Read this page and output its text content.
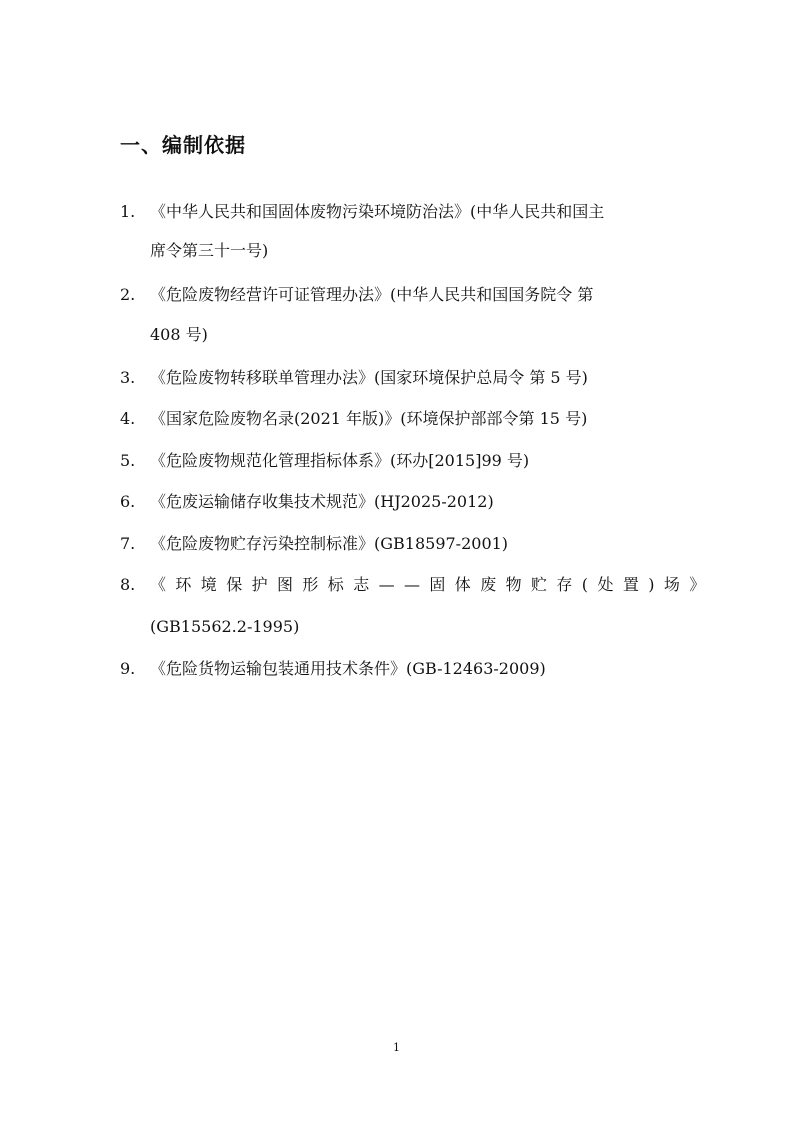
一、编制依据
1. 《中华人民共和国固体废物污染环境防治法》(中华人民共和国主
席令第三十一号)
2. 《危险废物经营许可证管理办法》(中华人民共和国国务院令 第
408 号)
3. 《危险废物转移联单管理办法》(国家环境保护总局令 第 5 号)
4. 《国家危险废物名录(2021 年版)》(环境保护部部令第 15 号)
5. 《危险废物规范化管理指标体系》(环办[2015]99 号)
6. 《危废运输储存收集技术规范》(HJ2025-2012)
7. 《危险废物贮存污染控制标准》(GB18597-2001)
8. 《环境保护图形标志——固体废物贮存(处置)场》
(GB15562.2-1995)
9. 《危险货物运输包装通用技术条件》(GB-12463-2009)
1
